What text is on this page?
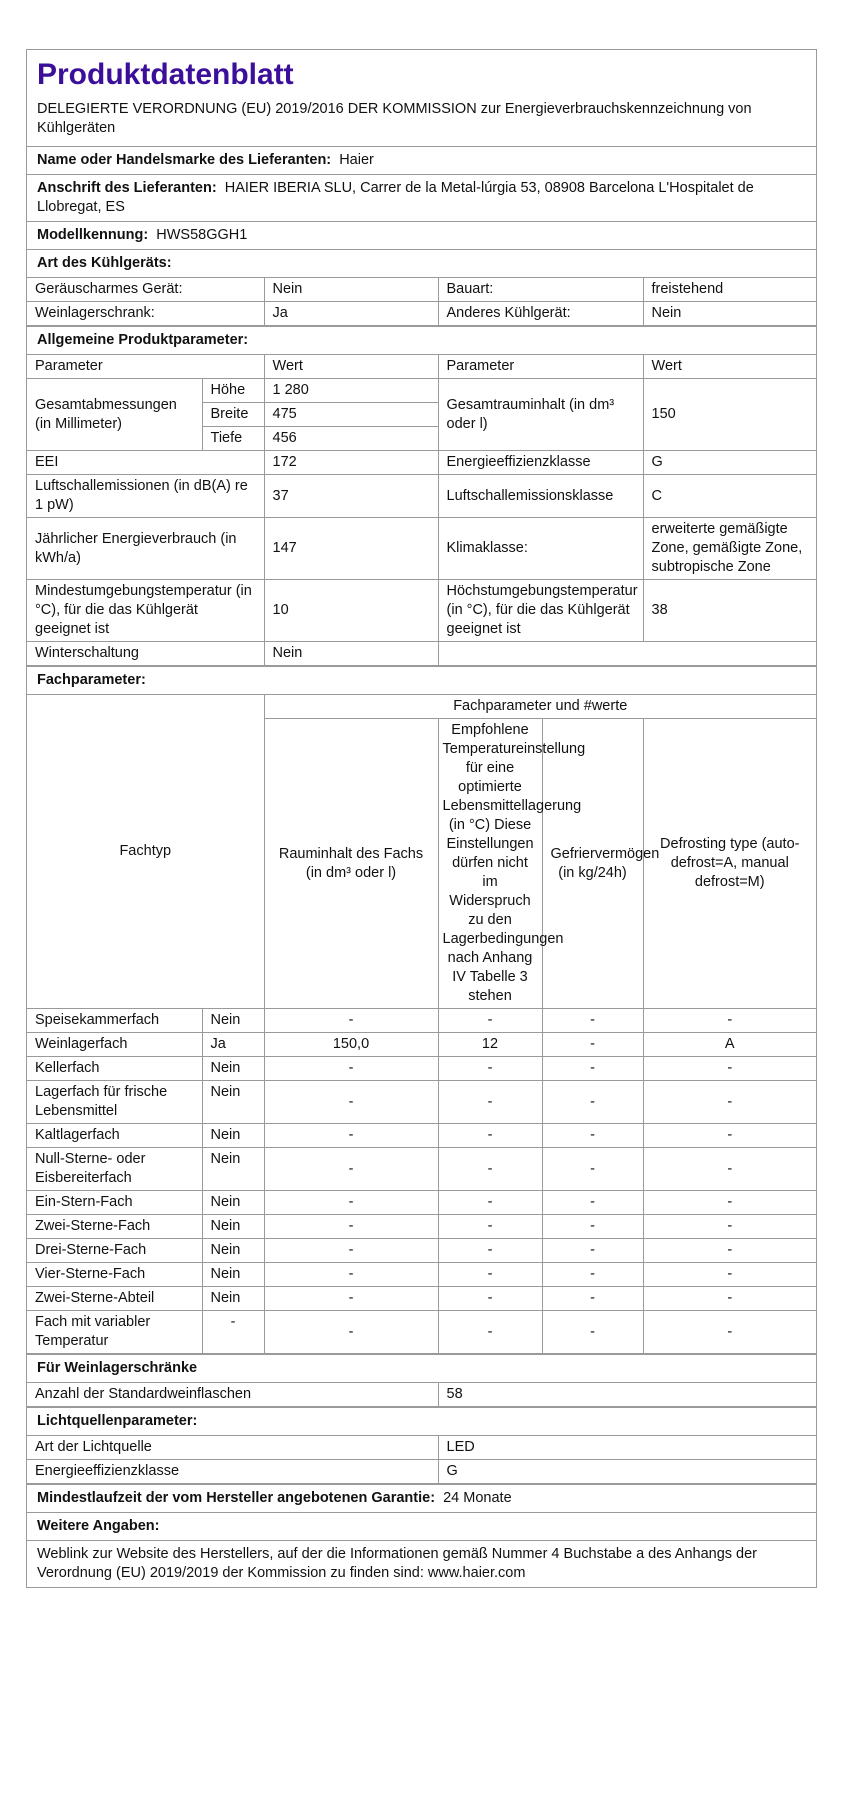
Produktdatenblatt
DELEGIERTE VERORDNUNG (EU) 2019/2016 DER KOMMISSION zur Energieverbrauchskennzeichnung von Kühlgeräten
Name oder Handelsmarke des Lieferanten: Haier
Anschrift des Lieferanten: HAIER IBERIA SLU, Carrer de la Metal-lúrgia 53, 08908 Barcelona L'Hospitalet de Llobregat, ES
Modellkennung: HWS58GGH1
Art des Kühlgeräts:
Geräuscharmes Gerät:	Nein	Bauart:	freistehend
Weinlagerschrank:	Ja	Anderes Kühlgerät:	Nein
Allgemeine Produktparameter:
Parameter		Wert	Parameter	Wert
Gesamtabmessungen (in Millimeter)	Höhe	1 280	Gesamtrauminhalt (in dm³ oder l)	150
	Breite	475		
	Tiefe	456		
EEI		172	Energieeffizienzklasse	G
Luftschallemissionen (in dB(A) re 1 pW)		37	Luftschallemissionsklasse	C
Jährlicher Energieverbrauch (in kWh/a)		147	Klimaklasse:	erweiterte gemäßigte Zone, gemäßigte Zone, subtropische Zone
Mindestumgebungstemperatur (in °C), für die das Kühlgerät geeignet ist		10	Höchstumgebungstemperatur (in °C), für die das Kühlgerät geeignet ist	38
Winterschaltung		Nein		
Fachparameter:
Fachtyp		Fachparameter und #werte			
		Rauminhalt des Fachs (in dm³ oder l)	Empfohlene Temperatureinstellung für eine optimierte Lebensmittellagerung (in °C) Diese Einstellungen dürfen nicht im Widerspruch zu den Lagerbedingungen nach Anhang IV Tabelle 3 stehen	Gefriervermögen (in kg/24h)	Defrosting type (auto-defrost=A, manual defrost=M)
Speisekammerfach	Nein	-	-	-	-
Weinlagerfach	Ja	150,0	12	-	A
Kellerfach	Nein	-	-	-	-
Lagerfach für frische Lebensmittel	Nein	-	-	-	-
Kaltlagerfach	Nein	-	-	-	-
Null-Sterne- oder Eisbereiterfach	Nein	-	-	-	-
Ein-Stern-Fach	Nein	-	-	-	-
Zwei-Sterne-Fach	Nein	-	-	-	-
Drei-Sterne-Fach	Nein	-	-	-	-
Vier-Sterne-Fach	Nein	-	-	-	-
Zwei-Sterne-Abteil	Nein	-	-	-	-
Fach mit variabler Temperatur	-	-	-	-	-
Für Weinlagerschränke
Anzahl der Standardweinflaschen	58
Lichtquellenparameter:
Art der Lichtquelle	LED
Energieeffizienzklasse	G
Mindestlaufzeit der vom Hersteller angebotenen Garantie: 24 Monate
Weitere Angaben:
Weblink zur Website des Herstellers, auf der die Informationen gemäß Nummer 4 Buchstabe a des Anhangs der Verordnung (EU) 2019/2019 der Kommission zu finden sind: www.haier.com
